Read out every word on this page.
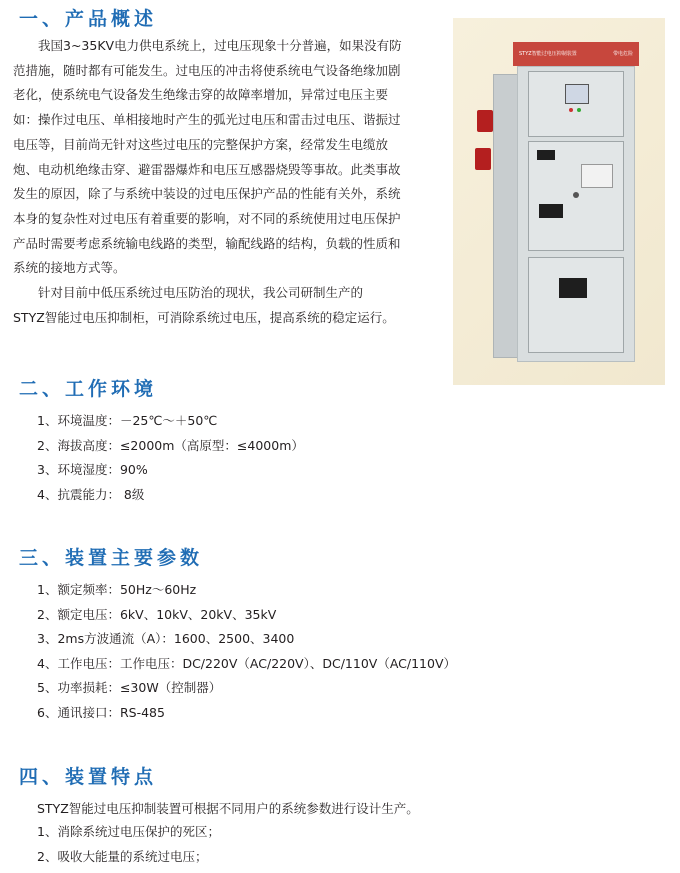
一、产品概述
我国3~35KV电力供电系统上，过电压现象十分普遍，如果没有防
范措施，随时都有可能发生。过电压的冲击将使系统电气设备绝缘加剧
老化，使系统电气设备发生绝缘击穿的故障率增加，异常过电压主要
如：操作过电压、单相接地时产生的弧光过电压和雷击过电压、谐振过
电压等，目前尚无针对这些过电压的完整保护方案，经常发生电缆放
炮、电动机绝缘击穿、避雷器爆炸和电压互感器烧毁等事故。此类事故
发生的原因，除了与系统中装设的过电压保护产品的性能有关外，系统
本身的复杂性对过电压有着重要的影响，对不同的系统使用过电压保护
产品时需要考虑系统输电线路的类型，输配线路的结构，负载的性质和
系统的接地方式等。
针对目前中低压系统过电压防治的现状，我公司研制生产的
STYZ智能过电压抑制柜，可消除系统过电压，提高系统的稳定运行。
STYZ智能过电压抑制装置	带电危险
二、工作环境
1、环境温度：－25℃～＋50℃
2、海拔高度：≤2000m（高原型：≤4000m）
3、环境湿度：90%
4、抗震能力： 8级
三、装置主要参数
1、额定频率：50Hz～60Hz
2、额定电压：6kV、10kV、20kV、35kV
3、2ms方波通流（A）：1600、2500、3400
4、工作电压：工作电压：DC/220V（AC/220V）、DC/110V（AC/110V）
5、功率损耗：≤30W（控制器）
6、通讯接口：RS-485
四、装置特点

STYZ智能过电压抑制装置可根据不同用户的系统参数进行设计生产。

1、消除系统过电压保护的死区；
2、吸收大能量的系统过电压；
